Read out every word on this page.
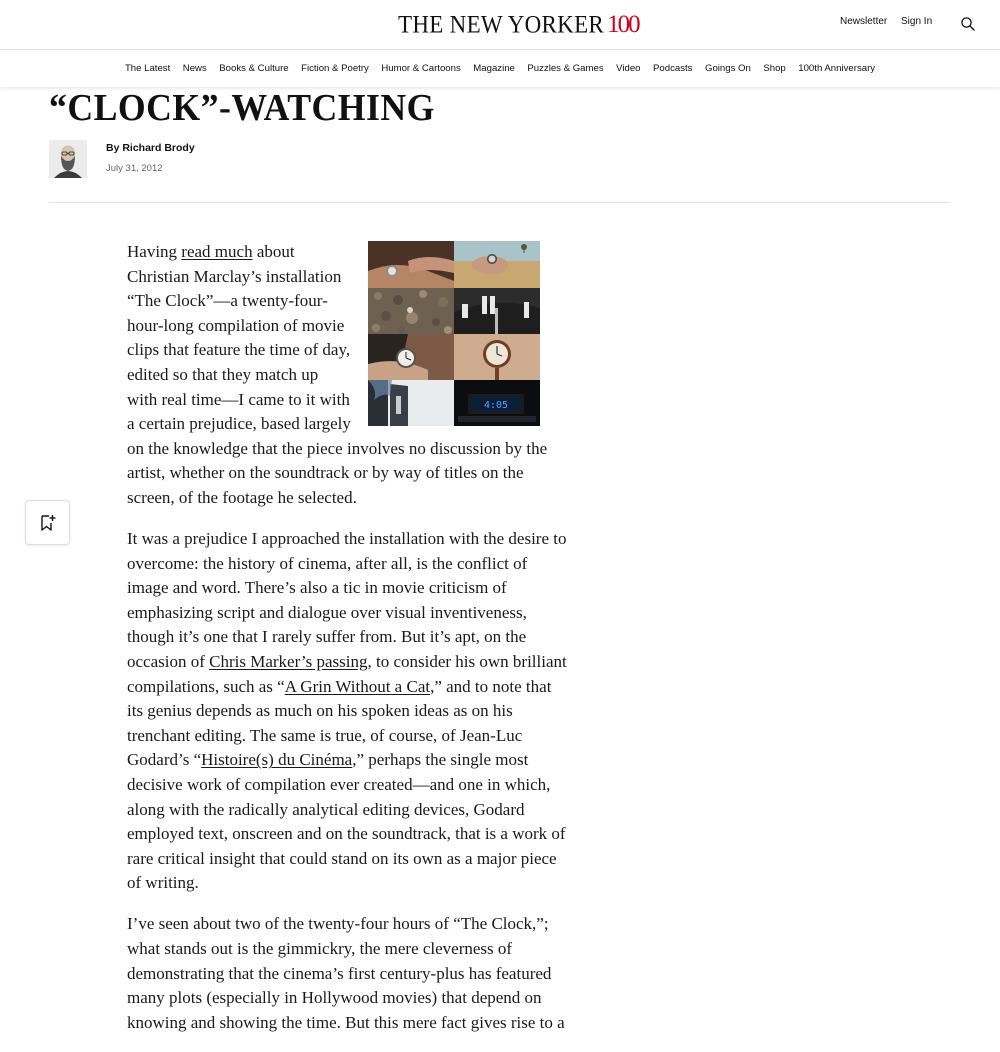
THE NEW YORKER 100	Newsletter Sign In
The Latest News Books & Culture Fiction & Poetry Humor & Cartoons Magazine Puzzles & Games Video Podcasts Goings On Shop 100th Anniversary
“CLOCK”-WATCHING
By Richard Brody
July 31, 2012
4:05

Having read much about Christian Marclay’s installation “The Clock”—a twenty-four-hour-long compilation of movie clips that feature the time of day, edited so that they match up with real time—I came to it with a certain prejudice, based largely on the knowledge that the piece involves no discussion by the artist, whether on the soundtrack or by way of titles on the screen, of the footage he selected.

It was a prejudice I approached the installation with the desire to overcome: the history of cinema, after all, is the conflict of image and word. There’s also a tic in movie criticism of emphasizing script and dialogue over visual inventiveness, though it’s one that I rarely suffer from. But it’s apt, on the occasion of Chris Marker’s passing, to consider his own brilliant compilations, such as “A Grin Without a Cat,” and to note that its genius depends as much on his spoken ideas as on his trenchant editing. The same is true, of course, of Jean-Luc Godard’s “Histoire(s) du Cinéma,” perhaps the single most decisive work of compilation ever created—and one in which, along with the radically analytical editing devices, Godard employed text, onscreen and on the soundtrack, that is a work of rare critical insight that could stand on its own as a major piece of writing.

I’ve seen about two of the twenty-four hours of “The Clock,”; what stands out is the gimmickry, the mere cleverness of demonstrating that the cinema’s first century-plus has featured many plots (especially in Hollywood movies) that depend on knowing and showing the time. But this mere fact gives rise to a
